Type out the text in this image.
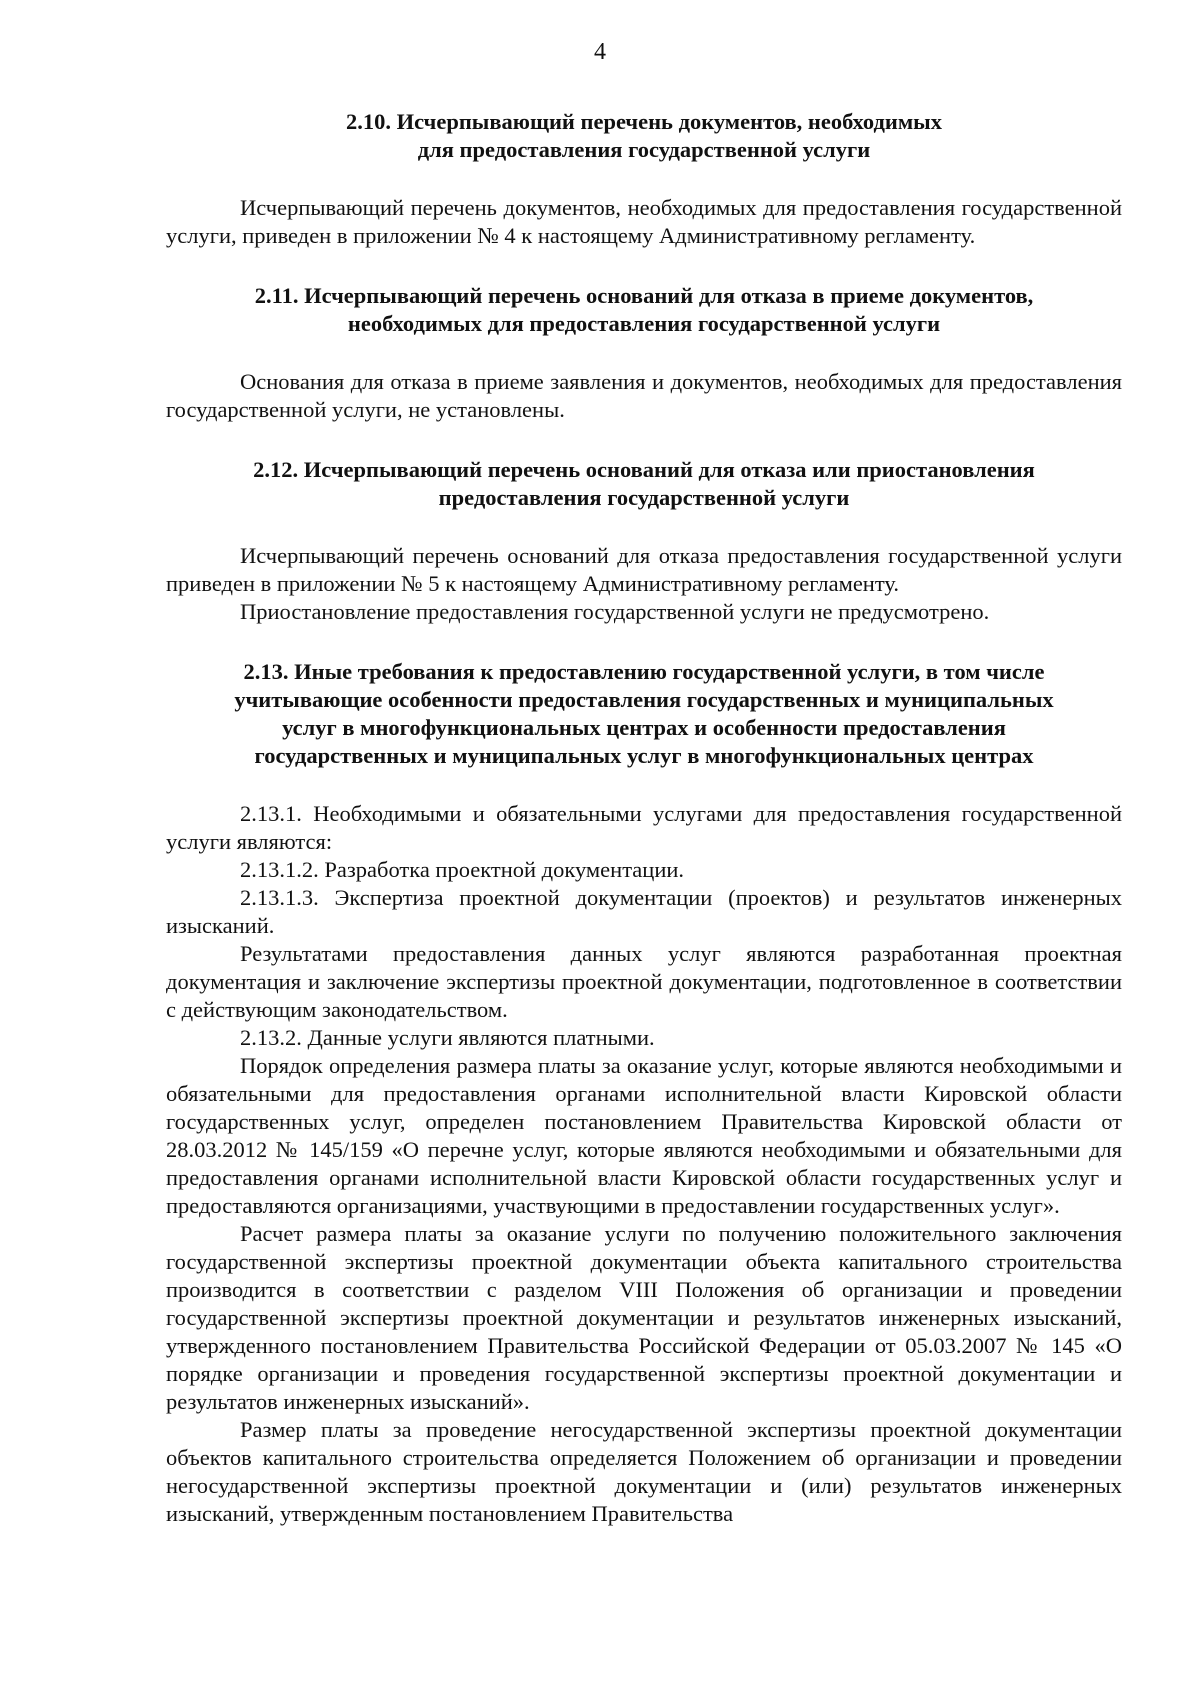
4

2.10. Исчерпывающий перечень документов, необходимых
для предоставления государственной услуги

Исчерпывающий перечень документов, необходимых для предоставления государственной услуги, приведен в приложении № 4 к настоящему Административному регламенту.

2.11. Исчерпывающий перечень оснований для отказа в приеме документов,
необходимых для предоставления государственной услуги

Основания для отказа в приеме заявления и документов, необходимых для предоставления государственной услуги, не установлены.

2.12. Исчерпывающий перечень оснований для отказа или приостановления
предоставления государственной услуги

Исчерпывающий перечень оснований для отказа предоставления государственной услуги приведен в приложении № 5 к настоящему Административному регламенту.

Приостановление предоставления государственной услуги не предусмотрено.

2.13. Иные требования к предоставлению государственной услуги, в том числе
учитывающие особенности предоставления государственных и муниципальных
услуг в многофункциональных центрах и особенности предоставления
государственных и муниципальных услуг в многофункциональных центрах

2.13.1. Необходимыми и обязательными услугами для предоставления государственной услуги являются:

2.13.1.2. Разработка проектной документации.

2.13.1.3. Экспертиза проектной документации (проектов) и результатов инженерных изысканий.

Результатами предоставления данных услуг являются разработанная проектная документация и заключение экспертизы проектной документации, подготовленное в соответствии с действующим законодательством.

2.13.2. Данные услуги являются платными.

Порядок определения размера платы за оказание услуг, которые являются необходимыми и обязательными для предоставления органами исполнительной власти Кировской области государственных услуг, определен постановлением Правительства Кировской области от 28.03.2012 № 145/159 «О перечне услуг, которые являются необходимыми и обязательными для предоставления органами исполнительной власти Кировской области государственных услуг и предоставляются организациями, участвующими в предоставлении государственных услуг».

Расчет размера платы за оказание услуги по получению положительного заключения государственной экспертизы проектной документации объекта капитального строительства производится в соответствии с разделом VIII Положения об организации и проведении государственной экспертизы проектной документации и результатов инженерных изысканий, утвержденного постановлением Правительства Российской Федерации от 05.03.2007 № 145 «О порядке организации и проведения государственной экспертизы проектной документации и результатов инженерных изысканий».

Размер платы за проведение негосударственной экспертизы проектной документации объектов капитального строительства определяется Положением об организации и проведении негосударственной экспертизы проектной документации и (или) результатов инженерных изысканий, утвержденным постановлением Правительства
